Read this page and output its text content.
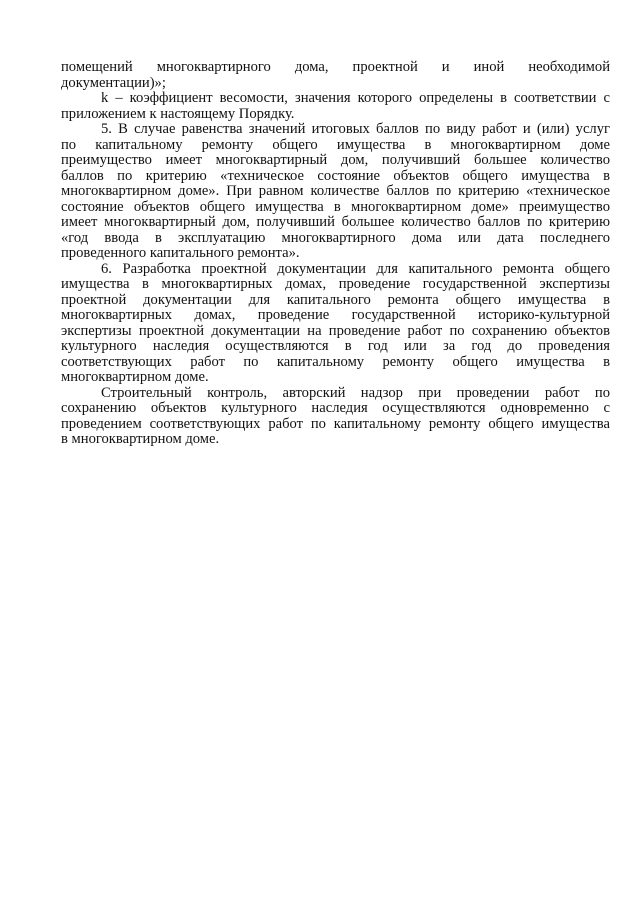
помещений многоквартирного дома, проектной и иной необходимой
документации)»;
k – коэффициент весомости, значения которого определены в соответствии с
приложением к настоящему Порядку.
5. В случае равенства значений итоговых баллов по виду работ и (или) услуг
по капитальному ремонту общего имущества в многоквартирном доме
преимущество имеет многоквартирный дом, получивший большее количество
баллов по критерию «техническое состояние объектов общего имущества в
многоквартирном доме». При равном количестве баллов по критерию «техническое
состояние объектов общего имущества в многоквартирном доме» преимущество
имеет многоквартирный дом, получивший большее количество баллов по критерию
«год ввода в эксплуатацию многоквартирного дома или дата последнего
проведенного капитального ремонта».
6. Разработка проектной документации для капитального ремонта общего
имущества в многоквартирных домах, проведение государственной экспертизы
проектной документации для капитального ремонта общего имущества в
многоквартирных домах, проведение государственной историко-культурной
экспертизы проектной документации на проведение работ по сохранению объектов
культурного наследия осуществляются в год или за год до проведения
соответствующих работ по капитальному ремонту общего имущества в
многоквартирном доме.
Строительный контроль, авторский надзор при проведении работ по
сохранению объектов культурного наследия осуществляются одновременно с
проведением соответствующих работ по капитальному ремонту общего имущества
в многоквартирном доме.
